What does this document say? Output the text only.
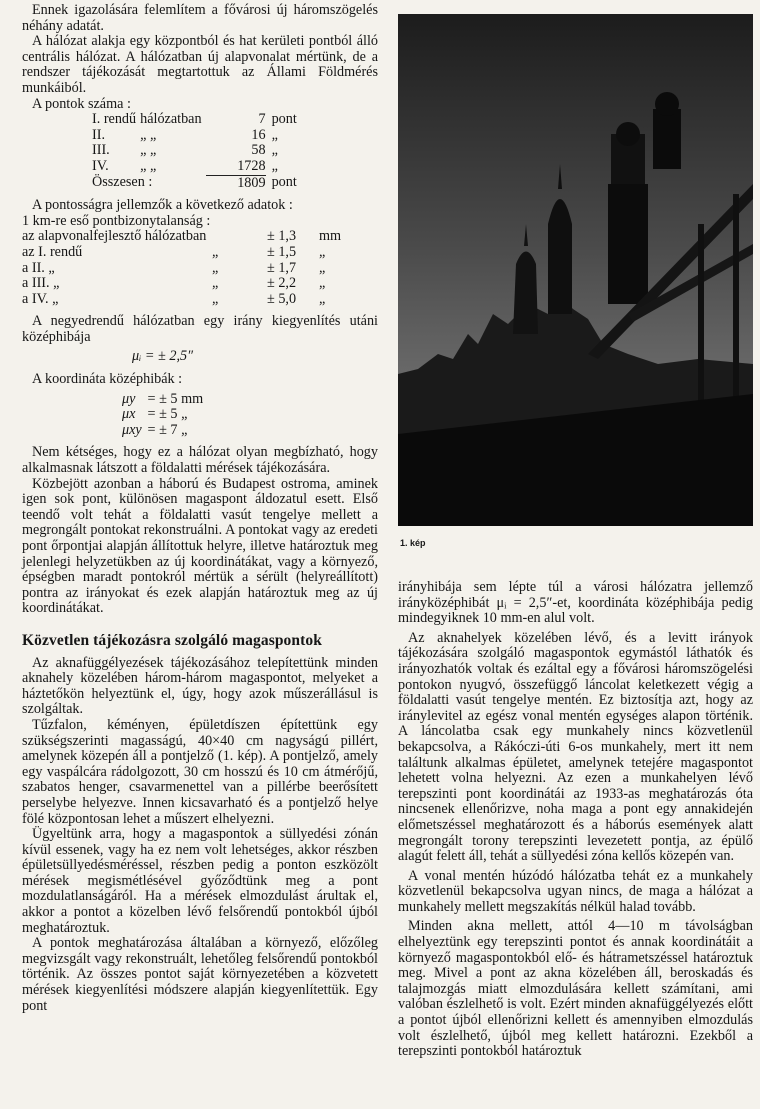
Ennek igazolására felemlítem a fővárosi új háromszögelés néhány adatát.

A hálózat alakja egy központból és hat kerületi pontból álló centrális hálózat. A hálózatban új alapvonalat mértünk, de a rendszer tájékozását megtartottuk az Állami Földmérés munkáiból.

A pontok száma :

I. rendű	hálózatban	7	pont
II.	„ „	16	„
III.	„ „	58	„
IV.	„ „	1728	„
Összesen :		1809	pont

A pontosságra jellemzők a következő adatok :

1 km-re eső pontbizonytalanság :

az alapvonalfejlesztő hálózatban		± 1,3	mm
az I. rendű	„	± 1,5	„
a II. „	„	± 1,7	„
a III. „	„	± 2,2	„
a IV. „	„	± 5,0	„

A negyedrendű hálózatban egy irány kiegyenlítés utáni középhibája

μᵢ = ± 2,5″

A koordináta középhibák :

μy = ± 5 mm
μx = ± 5 „
μxy = ± 7 „

Nem kétséges, hogy ez a hálózat olyan megbízható, hogy alkalmasnak látszott a földalatti mérések tájékozására.

Közbejött azonban a háború és Budapest ostroma, aminek igen sok pont, különösen magaspont áldozatul esett. Első teendő volt tehát a földalatti vasút tengelye mellett a megrongált pontokat rekonstruálni. A pontokat vagy az eredeti pont őrpontjai alapján állítottuk helyre, illetve határoztuk meg jelenlegi helyzetükben az új koordinátákat, vagy a környező, épségben maradt pontokról mértük a sérült (helyreállított) pontra az irányokat és ezek alapján határoztuk meg az új koordinátákat.

Közvetlen tájékozásra szolgáló magaspontok

Az aknafüggélyezések tájékozásához telepítettünk minden aknahely közelében három-három magaspontot, melyeket a háztetőkön helyeztünk el, úgy, hogy azok műszerállásul is szolgáltak.

Tűzfalon, kéményen, épületdíszen építettünk egy szükségszerinti magasságú, 40×40 cm nagyságú pillért, amelynek közepén áll a pontjelző (1. kép). A pontjelző, amely egy vaspálcára rádolgozott, 30 cm hosszú és 10 cm átmérőjű, szabatos henger, csavarmenettel van a pillérbe beerősített perselybe helyezve. Innen kicsavarható és a pontjelző helye fölé központosan lehet a műszert elhelyezni.

Ügyeltünk arra, hogy a magaspontok a süllyedési zónán kívül essenek, vagy ha ez nem volt lehetséges, akkor részben épületsüllyedésméréssel, részben pedig a ponton eszközölt mérések megismétlésével győződtünk meg a pont mozdulatlanságáról. Ha a mérések elmozdulást árultak el, akkor a pontot a közelben lévő felsőrendű pontokból újból meghatároztuk.

A pontok meghatározása általában a környező, előzőleg megvizsgált vagy rekonstruált, lehetőleg felsőrendű pontokból történik. Az összes pontot saját környezetében a közvetett mérések kiegyenlítési módszere alapján kiegyenlítettük. Egy pont

1. kép

irányhibája sem lépte túl a városi hálózatra jellemző irányközéphibát μᵢ = 2,5″-et, koordináta középhibája pedig mindegyiknek 10 mm-en alul volt.

Az aknahelyek közelében lévő, és a levitt irányok tájékozására szolgáló magaspontok egymástól láthatók és irányozhatók voltak és ezáltal egy a fővárosi háromszögelési pontokon nyugvó, összefüggő láncolat keletkezett végig a földalatti vasút tengelye mentén. Ez biztosítja azt, hogy az iránylevitel az egész vonal mentén egységes alapon történik. A láncolatba csak egy munkahely nincs közvetlenül bekapcsolva, a Rákóczi-úti 6-os munkahely, mert itt nem találtunk alkalmas épületet, amelynek tetejére magaspontot lehetett volna helyezni. Az ezen a munkahelyen lévő terepszinti pont koordinátái az 1933-as meghatározás óta nincsenek ellenőrizve, noha maga a pont egy annakidején előmetszéssel meghatározott és a háborús események alatt megrongált torony terepszinti levezetett pontja, az épülő alagút felett áll, tehát a süllyedési zóna kellős közepén van.

A vonal mentén húzódó hálózatba tehát ez a munkahely közvetlenül bekapcsolva ugyan nincs, de maga a hálózat a munkahely mellett megszakítás nélkül halad tovább.

Minden akna mellett, attól 4—10 m távolságban elhelyeztünk egy terepszinti pontot és annak koordinátáit a környező magaspontokból elő- és hátrametszéssel határoztuk meg. Mivel a pont az akna közelében áll, beroskadás és talajmozgás miatt elmozdulására kellett számítani, ami valóban észlelhető is volt. Ezért minden aknafüggélyezés előtt a pontot újból ellenőrizni kellett és amennyiben elmozdulás volt észlelhető, újból meg kellett határozni. Ezekből a terepszinti pontokból határoztuk
